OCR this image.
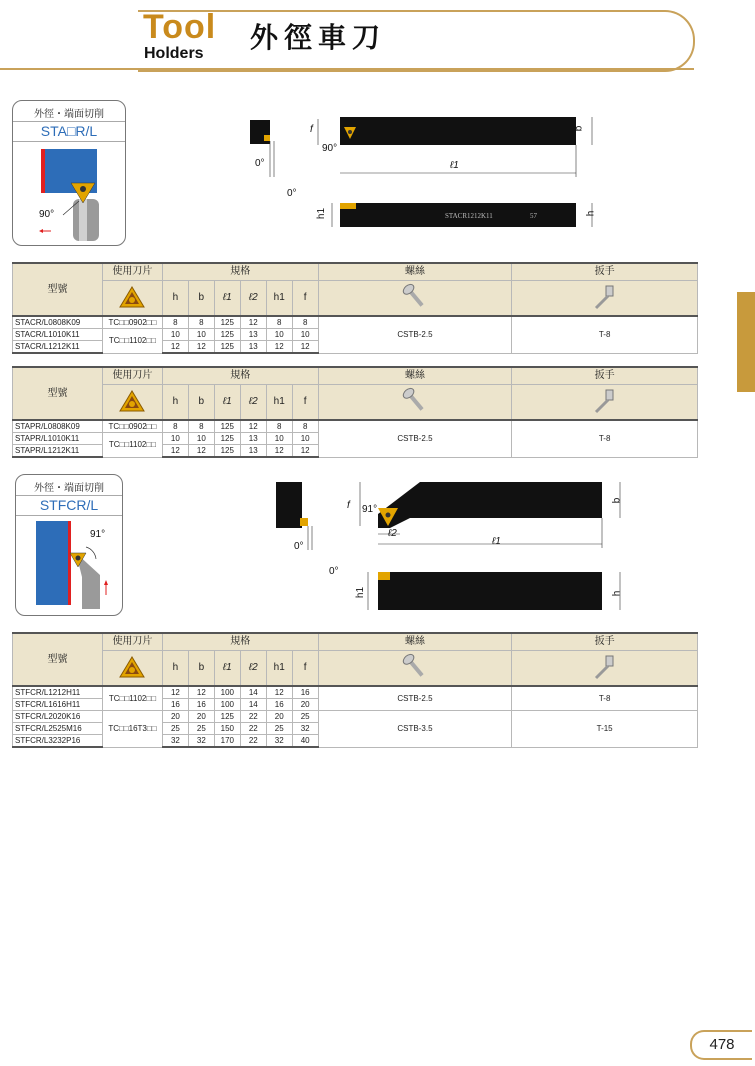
Tool
Holders 外徑車刀
外徑・端面切削
STA□R/L
90°	STACR1212K11	57
f
90°
0°	ℓ1
b
0°
h1	h
型號	使用刀片	規格						螺絲	扳手
	h	b	ℓ1	ℓ2	h1	f		
STACR/L0808K09	TC□□0902□□	8	8	125	12	8	8	CSTB-2.5	T-8
STACR/L1010K11	TC□□1102□□	10	10	125	13	10	10		
STACR/L1212K11		12	12	125	13	12	12		
型號	使用刀片	規格						螺絲	扳手
	h	b	ℓ1	ℓ2	h1	f		
STAPR/L0808K09	TC□□0902□□	8	8	125	12	8	8	CSTB-2.5	T-8
STAPR/L1010K11	TC□□1102□□	10	10	125	13	10	10		
STAPR/L1212K11		12	12	125	13	12	12		
外徑・端面切削
STFCR/L
91°
f 91°
0°
ℓ2
ℓ1
b
0°
h1	h
型號	使用刀片	規格						螺絲	扳手
	h	b	ℓ1	ℓ2	h1	f		
STFCR/L1212H11	TC□□1102□□	12	12	100	14	12	16	CSTB-2.5	T-8
STFCR/L1616H11		16	16	100	14	16	20		
STFCR/L2020K16	TC□□16T3□□	20	20	125	22	20	25	CSTB-3.5	T-15
STFCR/L2525M16		25	25	150	22	25	32		
STFCR/L3232P16		32	32	170	22	32	40		
478
